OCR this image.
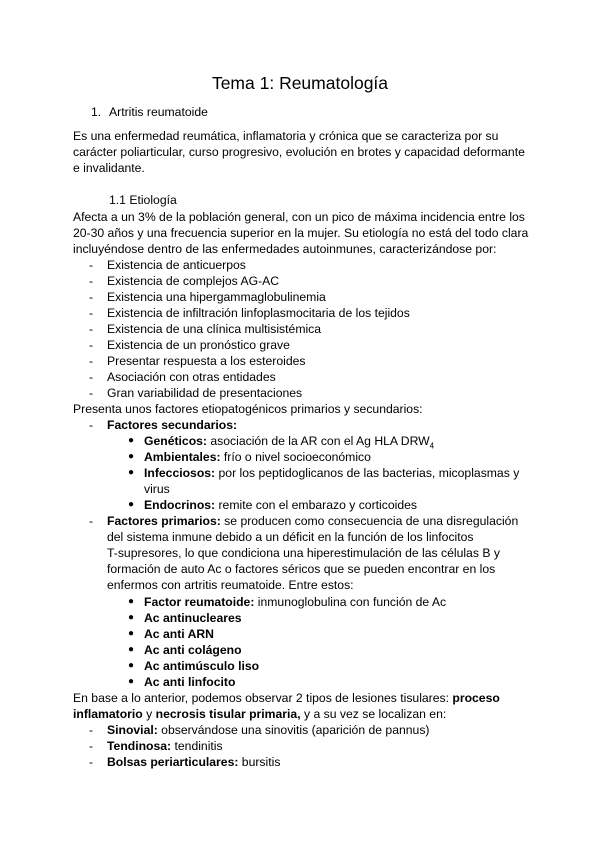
Tema 1: Reumatología
1. Artritis reumatoide
Es una enfermedad reumática, inflamatoria y crónica que se caracteriza por su
carácter poliarticular, curso progresivo, evolución en brotes y capacidad deformante
e invalidante.
1.1 Etiología
Afecta a un 3% de la población general, con un pico de máxima incidencia entre los
20-30 años y una frecuencia superior en la mujer. Su etiología no está del todo clara
incluyéndose dentro de las enfermedades autoinmunes, caracterizándose por:
- Existencia de anticuerpos
- Existencia de complejos AG-AC
- Existencia una hipergammaglobulinemia
- Existencia de infiltración linfoplasmocitaria de los tejidos
- Existencia de una clínica multisistémica
- Existencia de un pronóstico grave
- Presentar respuesta a los esteroides
- Asociación con otras entidades
- Gran variabilidad de presentaciones
Presenta unos factores etiopatogénicos primarios y secundarios:
- Factores secundarios:
● Genéticos: asociación de la AR con el Ag HLA $DRW_4$
● Ambientales: frío o nivel socioeconómico
● Infecciosos: por los peptidoglicanos de las bacterias, micoplasmas y
virus
● Endocrinos: remite con el embarazo y corticoides
- Factores primarios: se producen como consecuencia de una disregulación
del sistema inmune debido a un déficit en la función de los linfocitos
T-supresores, lo que condiciona una hiperestimulación de las células B y
formación de auto Ac o factores séricos que se pueden encontrar en los
enfermos con artritis reumatoide. Entre estos:
● Factor reumatoide: inmunoglobulina con función de Ac
● Ac antinucleares
● Ac anti ARN
● Ac anti colágeno
● Ac antimúsculo liso
● Ac anti linfocito
En base a lo anterior, podemos observar 2 tipos de lesiones tisulares: proceso
inflamatorio y necrosis tisular primaria, y a su vez se localizan en:
- Sinovial: observándose una sinovitis (aparición de pannus)
- Tendinosa: tendinitis
- Bolsas periarticulares: bursitis
